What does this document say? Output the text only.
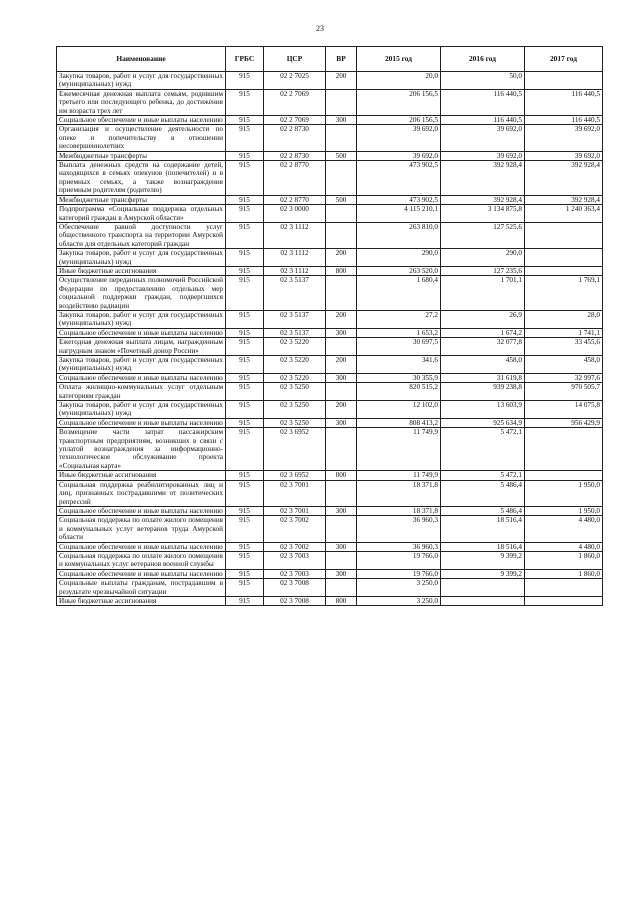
23
Наименование	ГРБС	ЦСР	ВР	2015 год	2016 год	2017 год
Закупка товаров, работ и услуг для государственных (муниципальных) нужд	915	02 2 7025	200	20,0	50,0	
Ежемесячная денежная выплата семьям, родившим третьего или последующего ребенка, до достижения им возраста трех лет	915	02 2 7069		206 156,5	116 440,5	116 440,5
Социальное обеспечение и иные выплаты населению	915	02 2 7069	300	206 156,5	116 440,5	116 440,5
Организация и осуществление деятельности по опеке и попечительству в отношении несовершеннолетних	915	02 2 8730		39 692,0	39 692,0	39 692,0
Межбюджетные трансферты	915	02 2 8730	500	39 692,0	39 692,0	39 692,0
Выплата денежных средств на содержание детей, находящихся в семьях опекунов (попечителей) и в приемных семьях, а также вознаграждения приемным родителям (родителю)	915	02 2 8770		473 902,5	392 928,4	392 928,4
Межбюджетные трансферты	915	02 2 8770	500	473 902,5	392 928,4	392 928,4
Подпрограмма «Социальная поддержка отдельных категорий граждан в Амурской области»	915	02 3 0000		4 115 210,1	3 134 875,8	1 240 363,4
Обеспечение равной доступности услуг общественного транспорта на территории Амурской области для отдельных категорий граждан	915	02 3 1112		263 810,0	127 525,6	
Закупка товаров, работ и услуг для государственных (муниципальных) нужд	915	02 3 1112	200	290,0	290,0	
Иные бюджетные ассигнования	915	02 3 1112	800	263 520,0	127 235,6	
Осуществление переданных полномочий Российской Федерации по предоставлению отдельных мер социальной поддержки граждан, подвергшихся воздействию радиации	915	02 3 5137		1 680,4	1 701,1	1 769,1
Закупка товаров, работ и услуг для государственных (муниципальных) нужд	915	02 3 5137	200	27,2	26,9	28,0
Социальное обеспечение и иные выплаты населению	915	02 3 5137	300	1 653,2	1 674,2	1 741,1
Ежегодная денежная выплата лицам, награжденным нагрудным знаком «Почетный донор России»	915	02 3 5220		30 697,5	32 077,8	33 455,6
Закупка товаров, работ и услуг для государственных (муниципальных) нужд	915	02 3 5220	200	341,6	458,0	458,0
Социальное обеспечение и иные выплаты населению	915	02 3 5220	300	30 355,9	31 619,8	32 997,6
Оплата жилищно-коммунальных услуг отдельным категориям граждан	915	02 3 5250		820 515,2	939 238,8	970 505,7
Закупка товаров, работ и услуг для государственных (муниципальных) нужд	915	02 3 5250	200	12 102,0	13 603,9	14 075,8
Социальное обеспечение и иные выплаты населению	915	02 3 5250	300	808 413,2	925 634,9	956 429,9
Возмещение части затрат пассажирским транспортным предприятиям, возникших в связи с уплатой вознаграждения за информационно-технологическое обслуживание проекта «Социальная карта»	915	02 3 6952		11 749,9	5 472,1	
Иные бюджетные ассигнования	915	02 3 6952	800	11 749,9	5 472,1	
Социальная поддержка реабилитированных лиц и лиц, признанных пострадавшими от политических репрессий	915	02 3 7001		18 371,8	5 486,4	1 950,0
Социальное обеспечение и иные выплаты населению	915	02 3 7001	300	18 371,8	5 486,4	1 950,0
Социальная поддержка по оплате жилого помещения и коммунальных услуг ветеранов труда Амурской области	915	02 3 7002		36 960,3	18 516,4	4 480,0
Социальное обеспечение и иные выплаты населению	915	02 3 7002	300	36 960,3	18 516,4	4 480,0
Социальная поддержка по оплате жилого помещения и коммунальных услуг ветеранов военной службы	915	02 3 7003		19 766,0	9 399,2	1 860,0
Социальное обеспечение и иные выплаты населению	915	02 3 7003	300	19 766,0	9 399,2	1 860,0
Социальные выплаты гражданам, пострадавшим в результате чрезвычайной ситуации	915	02 3 7008		3 250,0		
Иные бюджетные ассигнования	915	02 3 7008	800	3 250,0		
